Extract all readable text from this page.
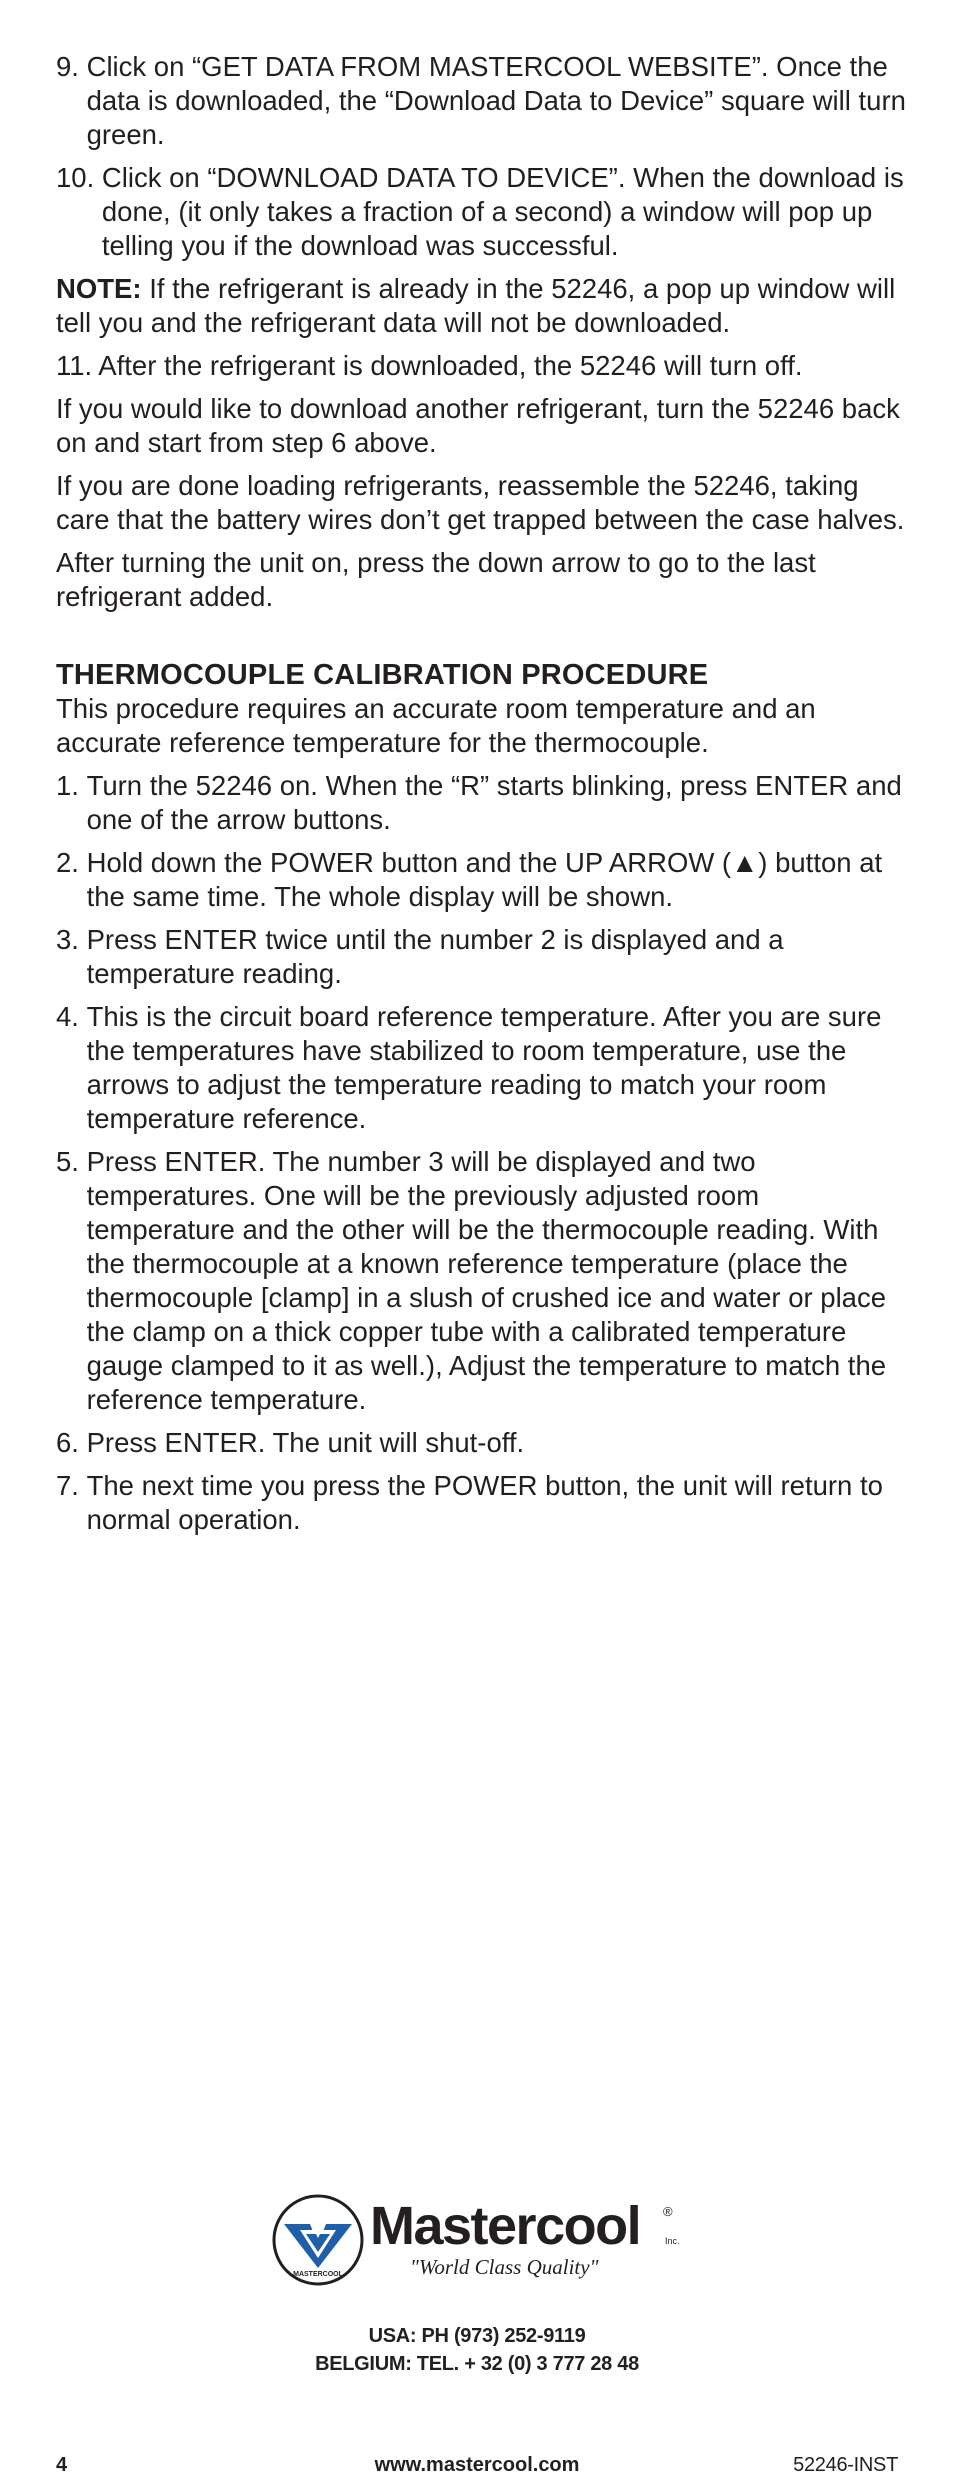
9. Click on “GET DATA FROM MASTERCOOL WEBSITE”. Once the data is downloaded, the “Download Data to Device” square will turn green.
10. Click on “DOWNLOAD DATA TO DEVICE”. When the download is done, (it only takes a fraction of a second) a window will pop up telling you if the download was successful.

NOTE: If the refrigerant is already in the 52246, a pop up window will tell you and the refrigerant data will not be downloaded.

11. After the refrigerant is downloaded, the 52246 will turn off.

If you would like to download another refrigerant, turn the 52246 back on and start from step 6 above.

If you are done loading refrigerants, reassemble the 52246, taking care that the battery wires don’t get trapped between the case halves.

After turning the unit on, press the down arrow to go to the last refrigerant added.

THERMOCOUPLE CALIBRATION PROCEDURE

This procedure requires an accurate room temperature and an accurate reference temperature for the thermocouple.

1. Turn the 52246 on. When the “R” starts blinking, press ENTER and one of the arrow buttons.
2. Hold down the POWER button and the UP ARROW (▲) button at the same time. The whole display will be shown.
3. Press ENTER twice until the number 2 is displayed and a temperature reading.
4. This is the circuit board reference temperature. After you are sure the temperatures have stabilized to room temperature, use the arrows to adjust the temperature reading to match your room temperature reference.
5. Press ENTER. The number 3 will be displayed and two temperatures. One will be the previously adjusted room temperature and the other will be the thermocouple reading. With the thermocouple at a known reference temperature (place the thermocouple [clamp] in a slush of crushed ice and water or place the clamp on a thick copper tube with a calibrated temperature gauge clamped to it as well.), Adjust the temperature to match the reference temperature.
6. Press ENTER. The unit will shut-off.
7. The next time you press the POWER button, the unit will return to normal operation.
MASTERCOOL
Mastercool ®
Inc.
"World Class Quality"
USA: PH (973) 252-9119
BELGIUM: TEL. + 32 (0) 3 777 28 48
www.mastercool.com
4	52246-INST
